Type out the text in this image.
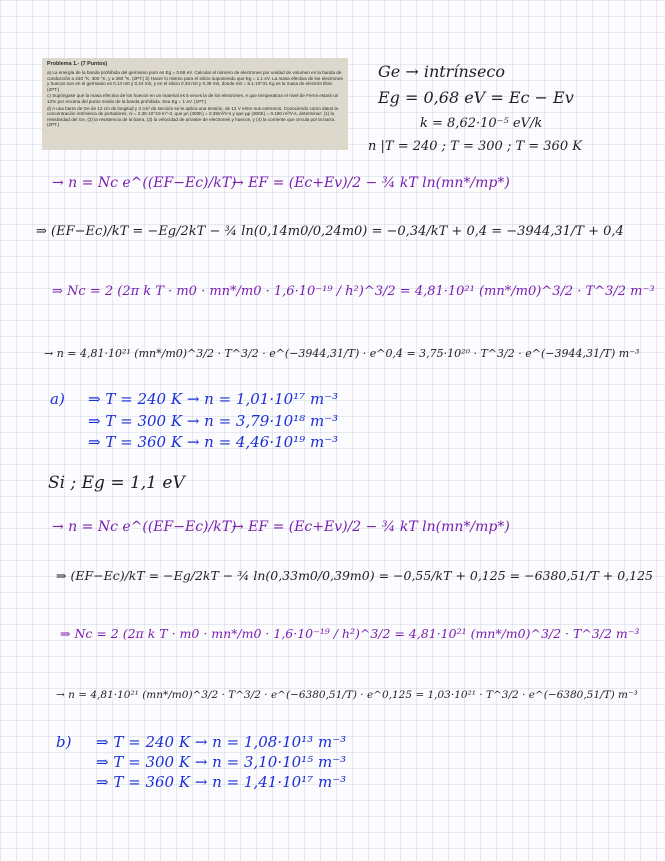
Problema 1.- (7 Puntos)

a) La energía de la banda prohibida del germanio puro es Eg = 0.68 eV. Calcular el número de electrones por unidad de volumen en la banda de conducción a 240 °K, 300 °K, y a 360 °K. (2PT.) b) Hacer lo mismo para el silicio suponiendo que Eg = 1.1 eV. La masa efectiva de los electrones y huecos son en el germanio es 0.14 m0 y 0.24 m0, y en el silicio 0.33 m0 y 0.39 m0, donde m0 = 9.1·10^31 Kg es la masa de electrón libre. (2PT.)

c) Supóngase que la masa efectiva de los huecos en un material es 5 veces la de los electrones. A que temperatura el nivel de Fermi estará un 12% por encima del punto medio de la banda prohibida. Sea Eg = 1 eV. (1PT.)

d) A una barra de Ge de 12 cm de longitud y 3 cm² de sección se le aplica una tensión, de 12 V entre sus extremos. Conociendo como datos la concentración intrínseca de portadores, ni = 2.38·10^19 m^-3, que µn (300K) = 0.39m²/V-s y que µp (300K) = 0.180 m²/V-s, determinar: (1) la resistividad del Ge, (2) la resistencia de la barra, (3) la velocidad de arrastre de electrones y huecos, y (4) la corriente que circula por la barra. (2PT.)

Ge → intrínseco
Eg = 0,68 eV = Ec − Ev
k = 8,62·10⁻⁵ eV/k
n |T = 240 ; T = 300 ; T = 360 K
→ n = Nc e^((EF−Ec)/kT)
→ EF = (Ec+Ev)/2 − ¾ kT ln(mn*/mp*)
⇒ (EF−Ec)/kT = −Eg/2kT − ¾ ln(0,14m0/0,24m0) = −0,34/kT + 0,4 = −3944,31/T + 0,4
⇒ Nc = 2 (2π k T · m0 · mn*/m0 · 1,6·10⁻¹⁹ / h²)^3/2 = 4,81·10²¹ (mn*/m0)^3/2 · T^3/2 m⁻³
→ n = 4,81·10²¹ (mn*/m0)^3/2 · T^3/2 · e^(−3944,31/T) · e^0,4 = 3,75·10²⁰ · T^3/2 · e^(−3944,31/T) m⁻³
a) ⇒ T = 240 K → n = 1,01·10¹⁷ m⁻³
⇒ T = 300 K → n = 3,79·10¹⁸ m⁻³
⇒ T = 360 K → n = 4,46·10¹⁹ m⁻³
Si ; Eg = 1,1 eV
→ n = Nc e^((EF−Ec)/kT)
→ EF = (Ec+Ev)/2 − ¾ kT ln(mn*/mp*)
⇒ (EF−Ec)/kT = −Eg/2kT − ¾ ln(0,33m0/0,39m0) = −0,55/kT + 0,125 = −6380,51/T + 0,125
⇒ Nc = 2 (2π k T · m0 · mn*/m0 · 1,6·10⁻¹⁹ / h²)^3/2 = 4,81·10²¹ (mn*/m0)^3/2 · T^3/2 m⁻³
→ n = 4,81·10²¹ (mn*/m0)^3/2 · T^3/2 · e^(−6380,51/T) · e^0,125 = 1,03·10²¹ · T^3/2 · e^(−6380,51/T) m⁻³
b) ⇒ T = 240 K → n = 1,08·10¹³ m⁻³
⇒ T = 300 K → n = 3,10·10¹⁵ m⁻³
⇒ T = 360 K → n = 1,41·10¹⁷ m⁻³
